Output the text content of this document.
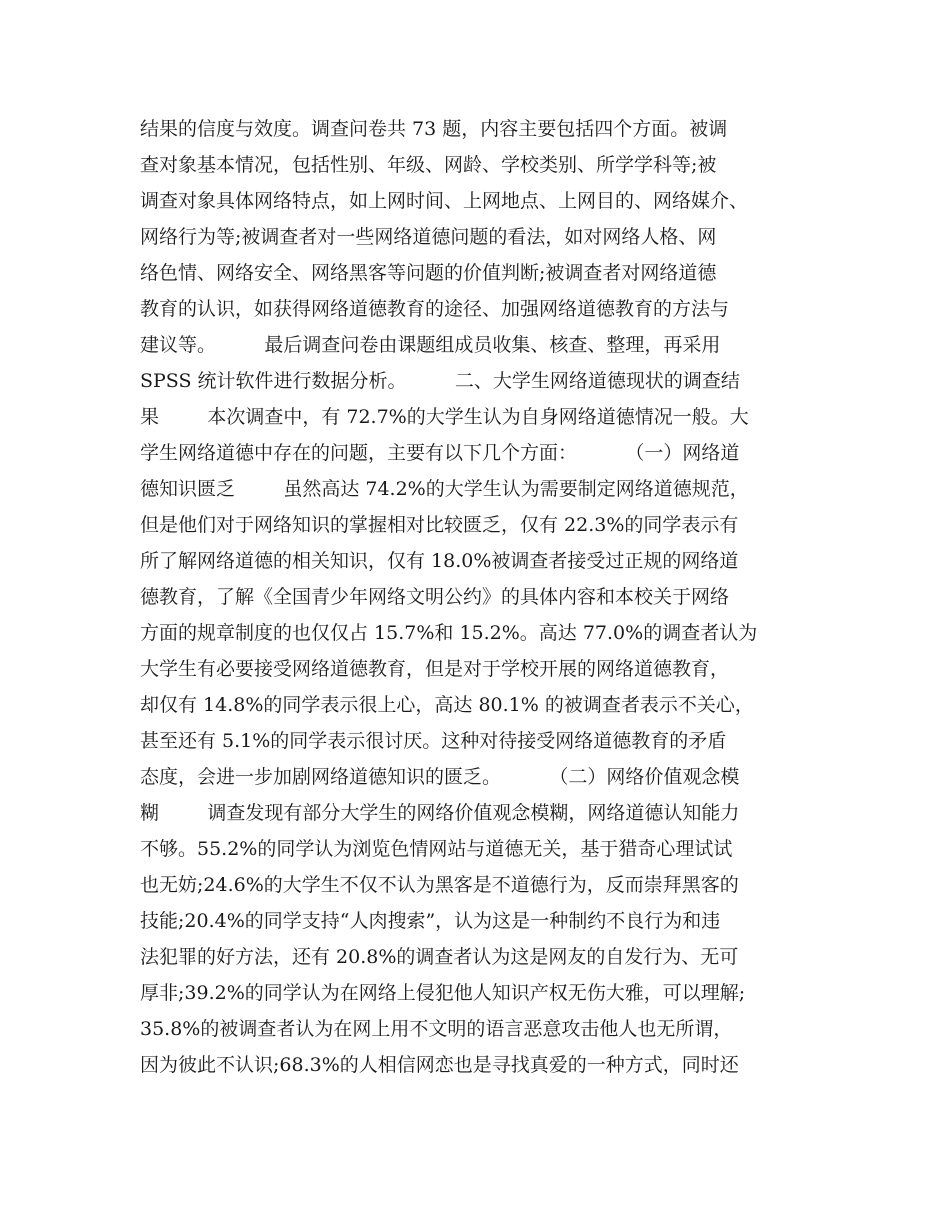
结果的信度与效度。调查问卷共 73 题，内容主要包括四个方面。被调
查对象基本情况，包括性别、年级、网龄、学校类别、所学学科等;被
调查对象具体网络特点，如上网时间、上网地点、上网目的、网络媒介、
网络行为等;被调查者对一些网络道德问题的看法，如对网络人格、网
络色情、网络安全、网络黑客等问题的价值判断;被调查者对网络道德
教育的认识，如获得网络道德教育的途径、加强网络道德教育的方法与
建议等。        最后调查问卷由课题组成员收集、核查、整理，再采用
SPSS 统计软件进行数据分析。        二、大学生网络道德现状的调查结
果        本次调查中，有 72.7%的大学生认为自身网络道德情况一般。大
学生网络道德中存在的问题，主要有以下几个方面：        （一）网络道
德知识匮乏        虽然高达 74.2%的大学生认为需要制定网络道德规范，
但是他们对于网络知识的掌握相对比较匮乏，仅有 22.3%的同学表示有
所了解网络道德的相关知识，仅有 18.0%被调查者接受过正规的网络道
德教育，了解《全国青少年网络文明公约》的具体内容和本校关于网络
方面的规章制度的也仅仅占 15.7%和 15.2%。高达 77.0%的调查者认为
大学生有必要接受网络道德教育，但是对于学校开展的网络道德教育，
却仅有 14.8%的同学表示很上心，高达 80.1% 的被调查者表示不关心，
甚至还有 5.1%的同学表示很讨厌。这种对待接受网络道德教育的矛盾
态度，会进一步加剧网络道德知识的匮乏。        （二）网络价值观念模
糊        调查发现有部分大学生的网络价值观念模糊，网络道德认知能力
不够。55.2%的同学认为浏览色情网站与道德无关，基于猎奇心理试试
也无妨;24.6%的大学生不仅不认为黑客是不道德行为，反而崇拜黑客的
技能;20.4%的同学支持“人肉搜索”，认为这是一种制约不良行为和违
法犯罪的好方法，还有 20.8%的调查者认为这是网友的自发行为、无可
厚非;39.2%的同学认为在网络上侵犯他人知识产权无伤大雅，可以理解;
35.8%的被调查者认为在网上用不文明的语言恶意攻击他人也无所谓，
因为彼此不认识;68.3%的人相信网恋也是寻找真爱的一种方式，同时还
